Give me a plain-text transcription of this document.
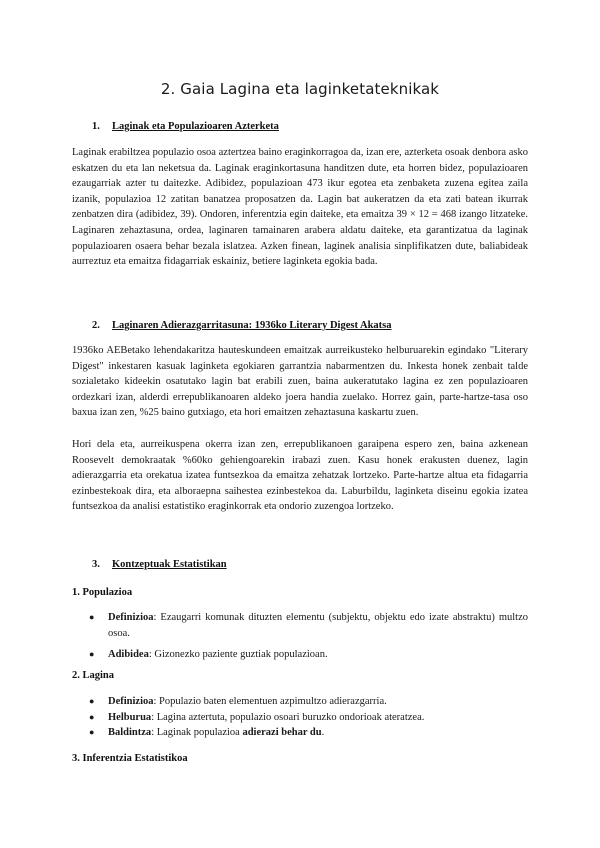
2. Gaia Lagina eta laginketateknikak
1. Laginak eta Populazioaren Azterketa
Laginak erabiltzea populazio osoa aztertzea baino eraginkorragoa da, izan ere, azterketa osoak denbora asko eskatzen du eta lan neketsua da. Laginak eraginkortasuna handitzen dute, eta horren bidez, populazioaren ezaugarriak azter tu daitezke. Adibidez, populazioan 473 ikur egotea eta zenbaketa zuzena egitea zaila izanik, populazioa 12 zatitan banatzea proposatzen da. Lagin bat aukeratzen da eta zati batean ikurrak zenbatzen dira (adibidez, 39). Ondoren, inferentzia egin daiteke, eta emaitza 39 × 12 = 468 izango litzateke. Laginaren zehaztasuna, ordea, laginaren tamainaren arabera aldatu daiteke, eta garantizatua da laginak populazioaren osaera behar bezala islatzea. Azken finean, laginek analisia sinplifikatzen dute, baliabideak aurreztuz eta emaitza fidagarriak eskainiz, betiere laginketa egokia bada.
2. Laginaren Adierazgarritasuna: 1936ko Literary Digest Akatsa
1936ko AEBetako lehendakaritza hauteskundeen emaitzak aurreikusteko helburuarekin egindako "Literary Digest" inkestaren kasuak laginketa egokiaren garrantzia nabarmentzen du. Inkesta honek zenbait talde sozialetako kideekin osatutako lagin bat erabili zuen, baina aukeratutako lagina ez zen populazioaren ordezkari izan, alderdi errepublikanoaren aldeko joera handia zuelako. Horrez gain, parte-hartze-tasa oso baxua izan zen, %25 baino gutxiago, eta hori emaitzen zehaztasuna kaskartu zuen.
Hori dela eta, aurreikuspena okerra izan zen, errepublikanoen garaipena espero zen, baina azkenean Roosevelt demokraatak %60ko gehiengoarekin irabazi zuen. Kasu honek erakusten duenez, lagin adierazgarria eta orekatua izatea funtsezkoa da emaitza zehatzak lortzeko. Parte-hartze altua eta fidagarria ezinbestekoak dira, eta alboraepna saihestea ezinbestekoa da. Laburbildu, laginketa diseinu egokia izatea funtsezkoa da analisi estatistiko eraginkorrak eta ondorio zuzengoa lortzeko.
3. Kontzeptuak Estatistikan
1. Populazioa
● Definizioa: Ezaugarri komunak dituzten elementu (subjektu, objektu edo izate abstraktu) multzo osoa.
● Adibidea: Gizonezko paziente guztiak populazioan.
2. Lagina
● Definizioa: Populazio baten elementuen azpimultzo adierazgarria.
● Helburua: Lagina aztertuta, populazio osoari buruzko ondorioak ateratzea.
● Baldintza: Laginak populazioa adierazi behar du.
3. Inferentzia Estatistikoa
